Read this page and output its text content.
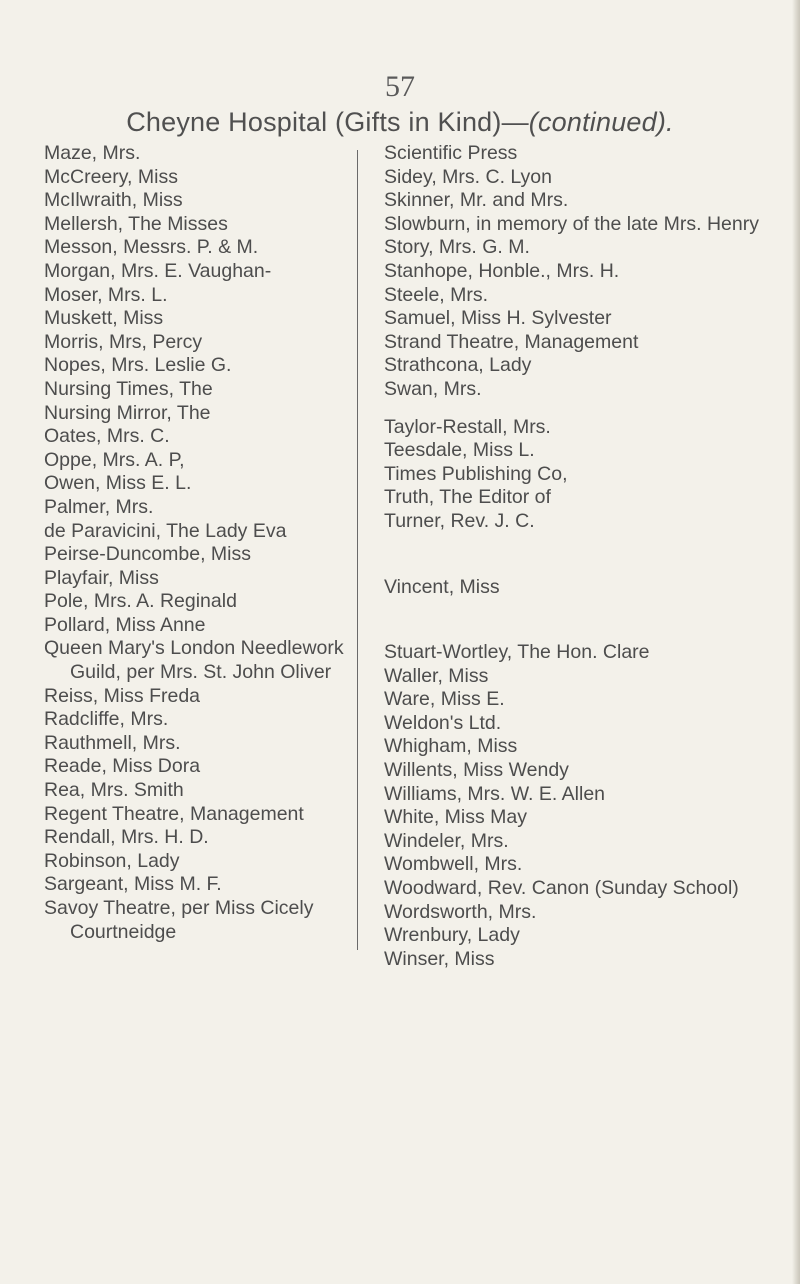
57
Cheyne Hospital (Gifts in Kind)—(continued).
Maze, Mrs.
McCreery, Miss
McIlwraith, Miss
Mellersh, The Misses
Messon, Messrs. P. & M.
Morgan, Mrs. E. Vaughan-
Moser, Mrs. L.
Muskett, Miss
Morris, Mrs, Percy
Nopes, Mrs. Leslie G.
Nursing Times, The
Nursing Mirror, The
Oates, Mrs. C.
Oppe, Mrs. A. P,
Owen, Miss E. L.
Palmer, Mrs.
de Paravicini, The Lady Eva
Peirse-Duncombe, Miss
Playfair, Miss
Pole, Mrs. A. Reginald
Pollard, Miss Anne
Queen Mary's London Needlework Guild, per Mrs. St. John Oliver
Reiss, Miss Freda
Radcliffe, Mrs.
Rauthmell, Mrs.
Reade, Miss Dora
Rea, Mrs. Smith
Regent Theatre, Management
Rendall, Mrs. H. D.
Robinson, Lady
Sargeant, Miss M. F.
Savoy Theatre, per Miss Cicely Courtneidge
Scientific Press
Sidey, Mrs. C. Lyon
Skinner, Mr. and Mrs.
Slowburn, in memory of the late Mrs. Henry
Story, Mrs. G. M.
Stanhope, Honble., Mrs. H.
Steele, Mrs.
Samuel, Miss H. Sylvester
Strand Theatre, Management
Strathcona, Lady
Swan, Mrs.
Taylor-Restall, Mrs.
Teesdale, Miss L.
Times Publishing Co,
Truth, The Editor of
Turner, Rev. J. C.
Vincent, Miss
Stuart-Wortley, The Hon. Clare
Waller, Miss
Ware, Miss E.
Weldon's Ltd.
Whigham, Miss
Willents, Miss Wendy
Williams, Mrs. W. E. Allen
White, Miss May
Windeler, Mrs.
Wombwell, Mrs.
Woodward, Rev. Canon (Sunday School)
Wordsworth, Mrs.
Wrenbury, Lady
Winser, Miss
